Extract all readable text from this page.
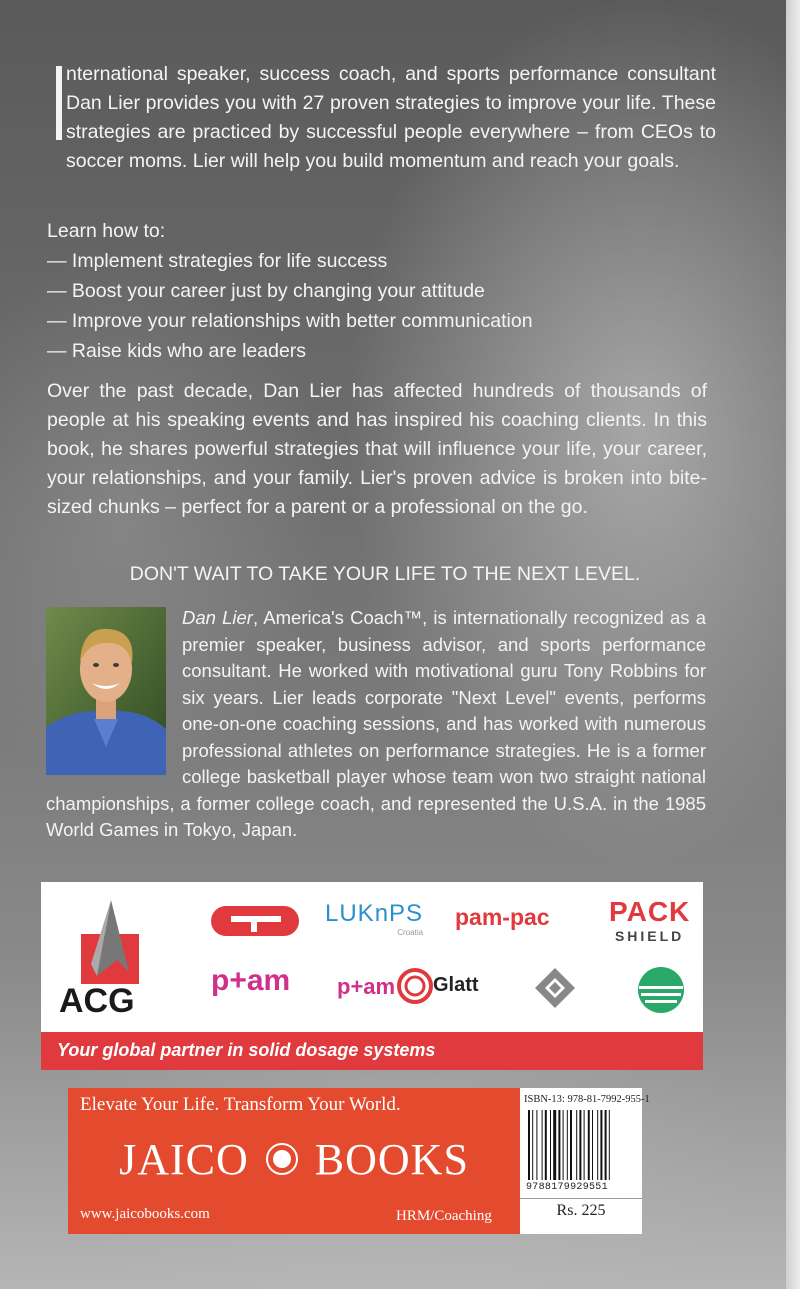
nternational speaker, success coach, and sports performance consultant Dan Lier provides you with 27 proven strategies to improve your life. These strategies are practiced by successful people everywhere – from CEOs to soccer moms. Lier will help you build momentum and reach your goals.
Learn how to:
— Implement strategies for life success
— Boost your career just by changing your attitude
— Improve your relationships with better communication
— Raise kids who are leaders
Over the past decade, Dan Lier has affected hundreds of thousands of people at his speaking events and has inspired his coaching clients. In this book, he shares powerful strategies that will influence your life, your career, your relationships, and your family. Lier's proven advice is broken into bite-sized chunks – perfect for a parent or a professional on the go.
DON'T WAIT TO TAKE YOUR LIFE TO THE NEXT LEVEL.
Dan Lier, America's Coach™, is internationally recognized as a premier speaker, business advisor, and sports performance consultant. He worked with motivational guru Tony Robbins for six years. Lier leads corporate "Next Level" events, performs one-on-one coaching sessions, and has worked with numerous professional athletes on performance strategies. He is a former college basketball player whose team won two straight national championships, a former college coach, and represented the U.S.A. in the 1985 World Games in Tokyo, Japan.
ACG
LUKnPS
Croatia
pam-pac PACK
SHIELD
p+am p+am Glatt
Your global partner in solid dosage systems
Elevate Your Life. Transform Your World.
JAICO BOOKS
www.jaicobooks.com	HRM/Coaching
ISBN-13: 978-81-7992-955-1
9788179929551
Rs. 225
